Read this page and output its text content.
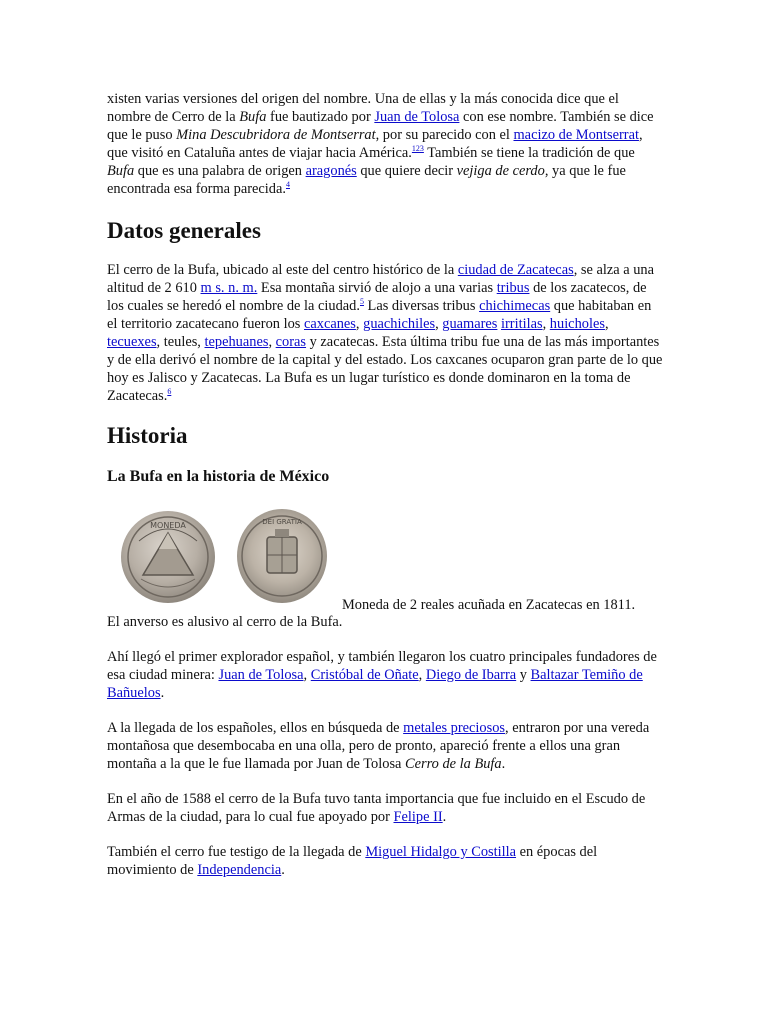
xisten varias versiones del origen del nombre. Una de ellas y la más conocida dice que el nombre de Cerro de la Bufa fue bautizado por Juan de Tolosa con ese nombre. También se dice que le puso Mina Descubridora de Montserrat, por su parecido con el macizo de Montserrat, que visitó en Cataluña antes de viajar hacia América.$^{123}$ También se tiene la tradición de que Bufa que es una palabra de origen aragonés que quiere decir vejiga de cerdo, ya que le fue encontrada esa forma parecida.$^4$

Datos generales

El cerro de la Bufa, ubicado al este del centro histórico de la ciudad de Zacatecas, se alza a una altitud de 2 610 m s. n. m. Esa montaña sirvió de alojo a una varias tribus de los zacatecos, de los cuales se heredó el nombre de la ciudad.$^5$ Las diversas tribus chichimecas que habitaban en el territorio zacatecano fueron los caxcanes, guachichiles, guamares irritilas, huicholes, tecuexes, teules, tepehuanes, coras y zacatecas. Esta última tribu fue una de las más importantes y de ella derivó el nombre de la capital y del estado. Los caxcanes ocuparon gran parte de lo que hoy es Jalisco y Zacatecas. La Bufa es un lugar turístico es donde dominaron en la toma de Zacatecas.$^6$

Historia
La Bufa en la historia de México
MONEDA	DEI GRATIA
Moneda de 2 reales acuñada en Zacatecas en 1811.

El anverso es alusivo al cerro de la Bufa.

Ahí llegó el primer explorador español, y también llegaron los cuatro principales fundadores de esa ciudad minera: Juan de Tolosa, Cristóbal de Oñate, Diego de Ibarra y Baltazar Temiño de Bañuelos.

A la llegada de los españoles, ellos en búsqueda de metales preciosos, entraron por una vereda montañosa que desembocaba en una olla, pero de pronto, apareció frente a ellos una gran montaña a la que le fue llamada por Juan de Tolosa Cerro de la Bufa.

En el año de 1588 el cerro de la Bufa tuvo tanta importancia que fue incluido en el Escudo de Armas de la ciudad, para lo cual fue apoyado por Felipe II.

También el cerro fue testigo de la llegada de Miguel Hidalgo y Costilla en épocas del movimiento de Independencia.
